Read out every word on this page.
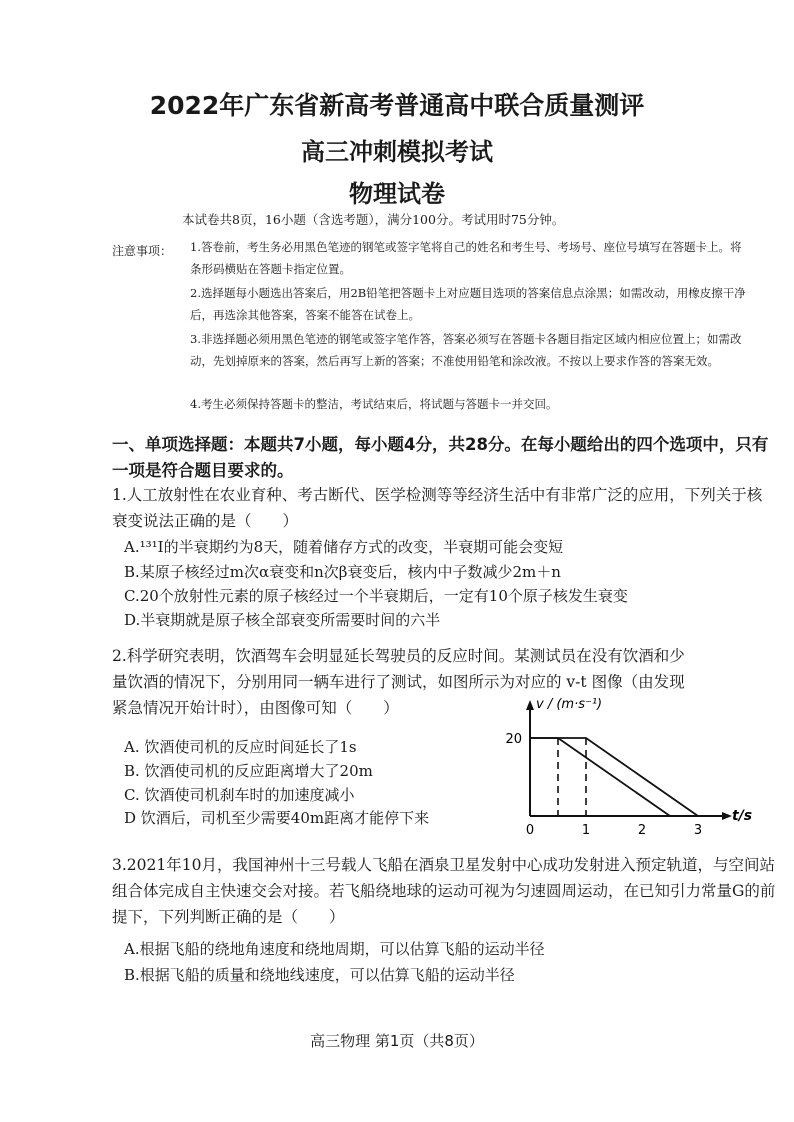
2022年广东省新高考普通高中联合质量测评
高三冲刺模拟考试
物理试卷
本试卷共8页，16小题（含选考题），满分100分。考试用时75分钟。
注意事项： 1.答卷前，考生务必用黑色笔迹的钢笔或签字笔将自己的姓名和考生号、考场号、座位号填写在答题卡上。将条形码横贴在答题卡指定位置。
2.选择题每小题选出答案后，用2B铅笔把答题卡上对应题目选项的答案信息点涂黑；如需改动，用橡皮擦干净后，再选涂其他答案，答案不能答在试卷上。
3.非选择题必须用黑色笔迹的钢笔或签字笔作答，答案必须写在答题卡各题目指定区域内相应位置上；如需改动，先划掉原来的答案，然后再写上新的答案；不准使用铅笔和涂改液。不按以上要求作答的答案无效。
4.考生必须保持答题卡的整洁，考试结束后，将试题与答题卡一并交回。
一、单项选择题：本题共7小题，每小题4分，共28分。在每小题给出的四个选项中，只有一项是符合题目要求的。
1.人工放射性在农业育种、考古断代、医学检测等等经济生活中有非常广泛的应用，下列关于核衰变说法正确的是（　　）
A.¹³¹I的半衰期约为8天，随着储存方式的改变，半衰期可能会变短
B.某原子核经过m次α衰变和n次β衰变后，核内中子数减少2m＋n
C.20个放射性元素的原子核经过一个半衰期后，一定有10个原子核发生衰变
D.半衰期就是原子核全部衰变所需要时间的六半
2.科学研究表明，饮酒驾车会明显延长驾驶员的反应时间。某测试员在没有饮酒和少
量饮酒的情况下，分别用同一辆车进行了测试，如图所示为对应的 v-t 图像（由发现
紧急情况开始计时），由图像可知（　　）
A. 饮酒使司机的反应时间延长了1s
B. 饮酒使司机的反应距离增大了20m
C. 饮酒使司机刹车时的加速度减小
D 饮酒后，司机至少需要40m距离才能停下来	t/s
v / (m·s⁻¹)
0	1	2	3
20
3.2021年10月，我国神州十三号载人飞船在酒泉卫星发射中心成功发射进入预定轨道，与空间站组合体完成自主快速交会对接。若飞船绕地球的运动可视为匀速圆周运动，在已知引力常量G的前提下，下列判断正确的是（　　）
A.根据飞船的绕地角速度和绕地周期，可以估算飞船的运动半径
B.根据飞船的质量和绕地线速度，可以估算飞船的运动半径
高三物理 第1页（共8页）
